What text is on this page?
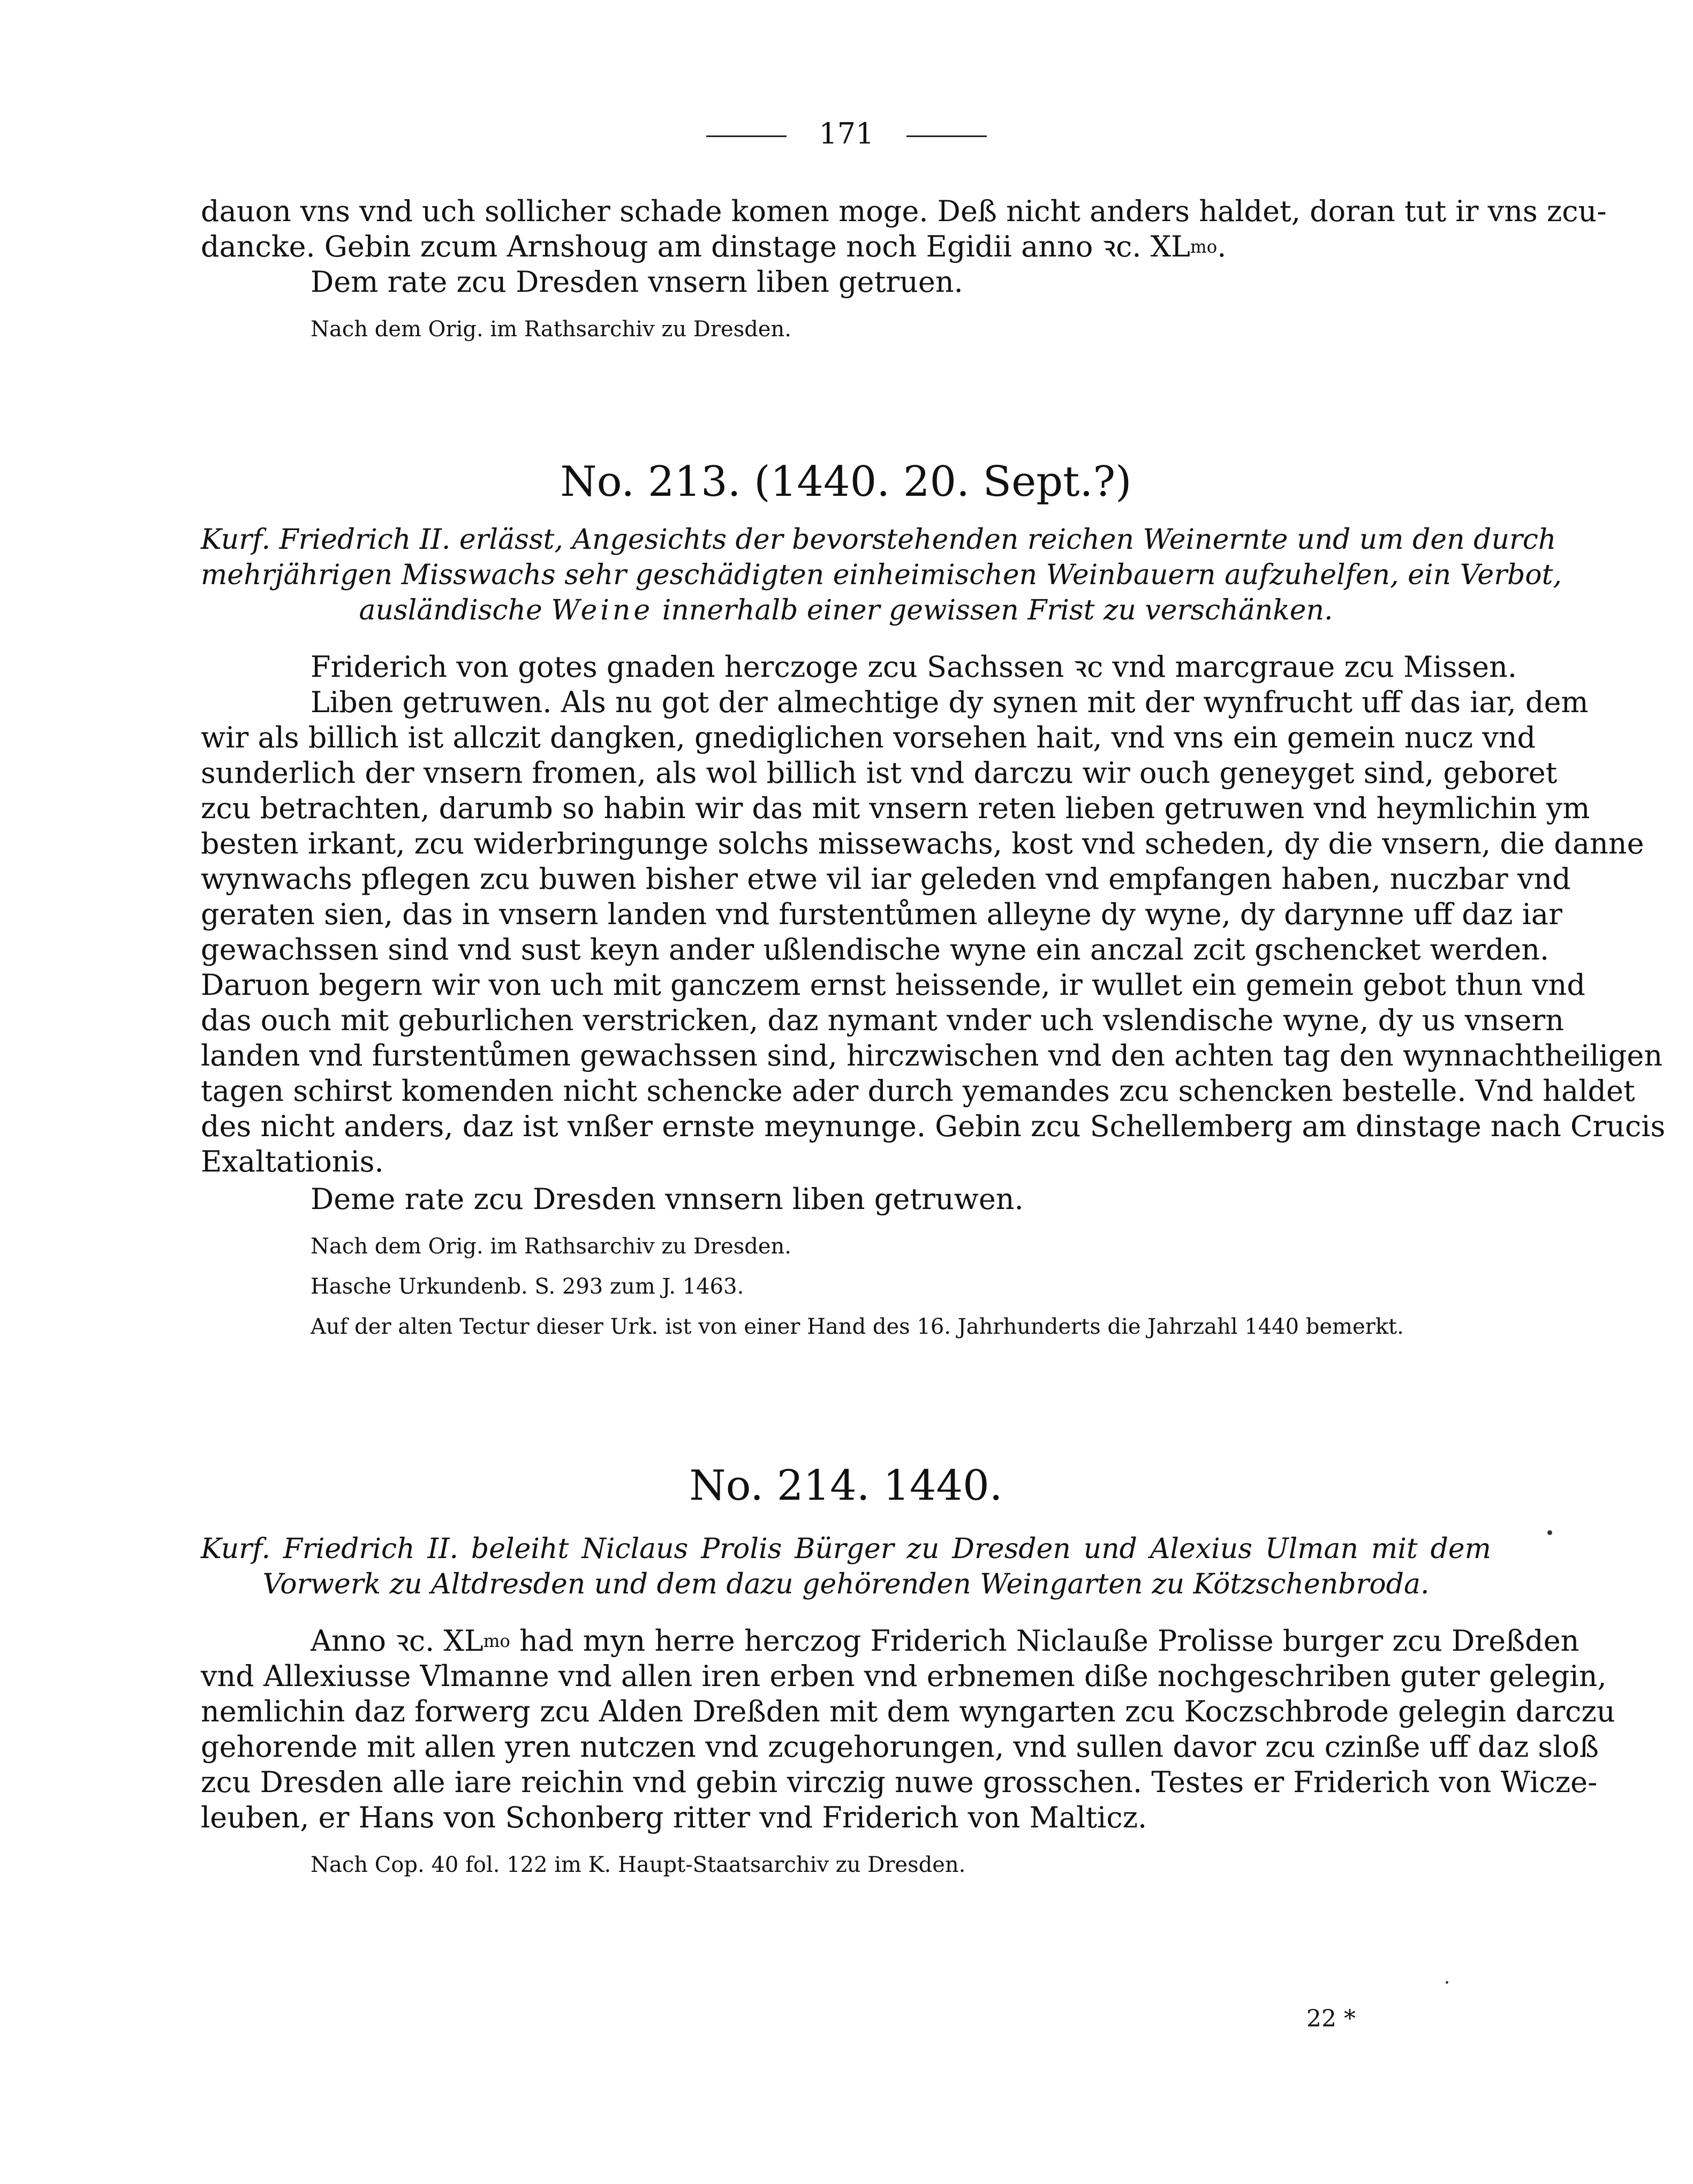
171
dauon vns vnd uch sollicher schade komen moge. Deß nicht anders haldet, doran tut ir vns zcu-
dancke. Gebin zcum Arnshoug am dinstage noch Egidii anno ꝛc. $XL^{mo}$.
Dem rate zcu Dresden vnsern liben getruen.
Nach dem Orig. im Rathsarchiv zu Dresden.
No. 213. (1440. 20. Sept.?)
Kurf. Friedrich II. erlässt, Angesichts der bevorstehenden reichen Weinernte und um den durch
mehrjährigen Misswachs sehr geschädigten einheimischen Weinbauern aufzuhelfen, ein Verbot,
ausländische Weine innerhalb einer gewissen Frist zu verschänken.
Friderich von gotes gnaden herczoge zcu Sachssen ꝛc vnd marcgraue zcu Missen.
Liben getruwen. Als nu got der almechtige dy synen mit der wynfrucht uff das iar, dem
wir als billich ist allczit dangken, gnediglichen vorsehen hait, vnd vns ein gemein nucz vnd
sunderlich der vnsern fromen, als wol billich ist vnd darczu wir ouch geneyget sind, geboret
zcu betrachten, darumb so habin wir das mit vnsern reten lieben getruwen vnd heymlichin ym
besten irkant, zcu widerbringunge solchs missewachs, kost vnd scheden, dy die vnsern, die danne
wynwachs pflegen zcu buwen bisher etwe vil iar geleden vnd empfangen haben, nuczbar vnd
geraten sien, das in vnsern landen vnd furstentůmen alleyne dy wyne, dy darynne uff daz iar
gewachssen sind vnd sust keyn ander ußlendische wyne ein anczal zcit gschencket werden.
Daruon begern wir von uch mit ganczem ernst heissende, ir wullet ein gemein gebot thun vnd
das ouch mit geburlichen verstricken, daz nymant vnder uch vslendische wyne, dy us vnsern
landen vnd furstentůmen gewachssen sind, hirczwischen vnd den achten tag den wynnachtheiligen
tagen schirst komenden nicht schencke ader durch yemandes zcu schencken bestelle. Vnd haldet
des nicht anders, daz ist vnßer ernste meynunge. Gebin zcu Schellemberg am dinstage nach Crucis
Exaltationis.
Deme rate zcu Dresden vnnsern liben getruwen.
Nach dem Orig. im Rathsarchiv zu Dresden.
Hasche Urkundenb. S. 293 zum J. 1463.
Auf der alten Tectur dieser Urk. ist von einer Hand des 16. Jahrhunderts die Jahrzahl 1440 bemerkt.
No. 214. 1440.
Kurf. Friedrich II. beleiht Niclaus Prolis Bürger zu Dresden und Alexius Ulman mit dem
Vorwerk zu Altdresden und dem dazu gehörenden Weingarten zu Kötzschenbroda.
Anno ꝛc. $XL^{mo}$ had myn herre herczog Friderich Niclauße Prolisse burger zcu Dreßden
vnd Allexiusse Vlmanne vnd allen iren erben vnd erbnemen diße nochgeschriben guter gelegin,
nemlichin daz forwerg zcu Alden Dreßden mit dem wyngarten zcu Koczschbrode gelegin darczu
gehorende mit allen yren nutczen vnd zcugehorungen, vnd sullen davor zcu czinße uff daz sloß
zcu Dresden alle iare reichin vnd gebin virczig nuwe grosschen. Testes er Friderich von Wicze-
leuben, er Hans von Schonberg ritter vnd Friderich von Malticz.
Nach Cop. 40 fol. 122 im K. Haupt-Staatsarchiv zu Dresden.
22 *
